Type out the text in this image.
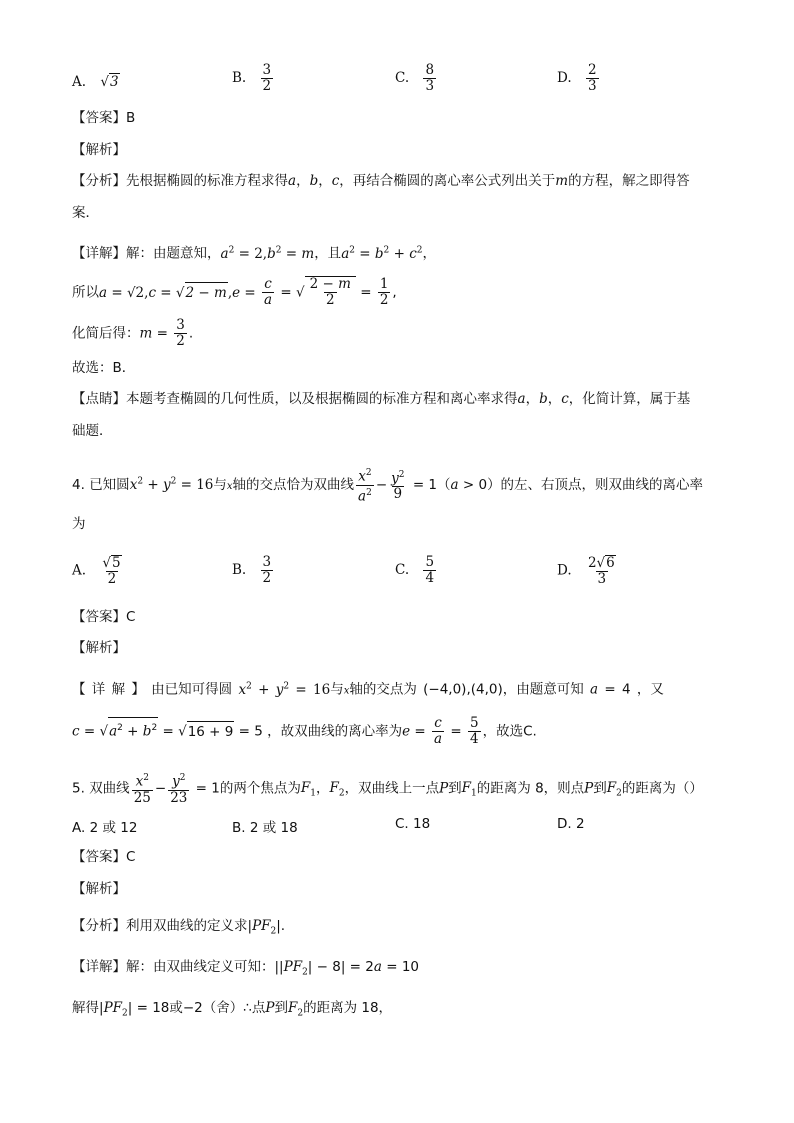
A. √3	B. $\frac{3}{2}$	C. $\frac{8}{3}$	D. $\frac{2}{3}$
【答案】B
【解析】
【分析】先根据椭圆的标准方程求得a，b，c，再结合椭圆的离心率公式列出关于m的方程，解之即得答
案．
【详解】解：由题意知，$a^2 = 2,b^2 = m$，且$a^2 = b^2 + c^2$，
所以$a = √2,c = √2 - m,e = \frac{c}{a}$ = √ $\frac{2 - m}{2} = \frac{1}{2}$ ,
化简后得：$m = \frac{3}{2}$ .
故选：B．
【点睛】本题考查椭圆的几何性质，以及根据椭圆的标准方程和离心率求得a，b，c，化简计算，属于基
础题．
4. 已知圆$x^2 + y^2 = 16$与x轴的交点恰为双曲线 $\frac{x^2}{a^2} - \frac{y^2}{9} = 1(a > 0)$的左、右顶点，则双曲线的离心率
为
A. $\frac{√5}{2}$	B. $\frac{3}{2}$	C. $\frac{5}{4}$	D. $\frac{2√6}{3}$
【答案】C
【解析】
【 详 解 】 由已知可得圆 $x^2 + y^2 = 16$与x轴的交点为 (−4,0),(4,0)，由题意可知 a = 4 ，又
$c = √a^2 + b^2 = √16 + 9 = 5$ ，故双曲线的离心率为$e = \frac{c}{a} = \frac{5}{4}$ ，故选C.
5. 双曲线 $\frac{x^2}{25} - \frac{y^2}{23} = 1$的两个焦点为$F_1$，$F_2$，双曲线上一点P到$F_1$的距离为 8，则点P到$F_2$的距离为（）
A. 2 或 12	B. 2 或 18	C. 18	D. 2
【答案】C
【解析】
【分析】利用双曲线的定义求$|PF_2|$.
【详解】解：由双曲线定义可知：$||PF_2| - 8| = 2a = 10$
解得$|PF_2| = 18$或−2（舍）∴点P到$F_2$的距离为 18，
